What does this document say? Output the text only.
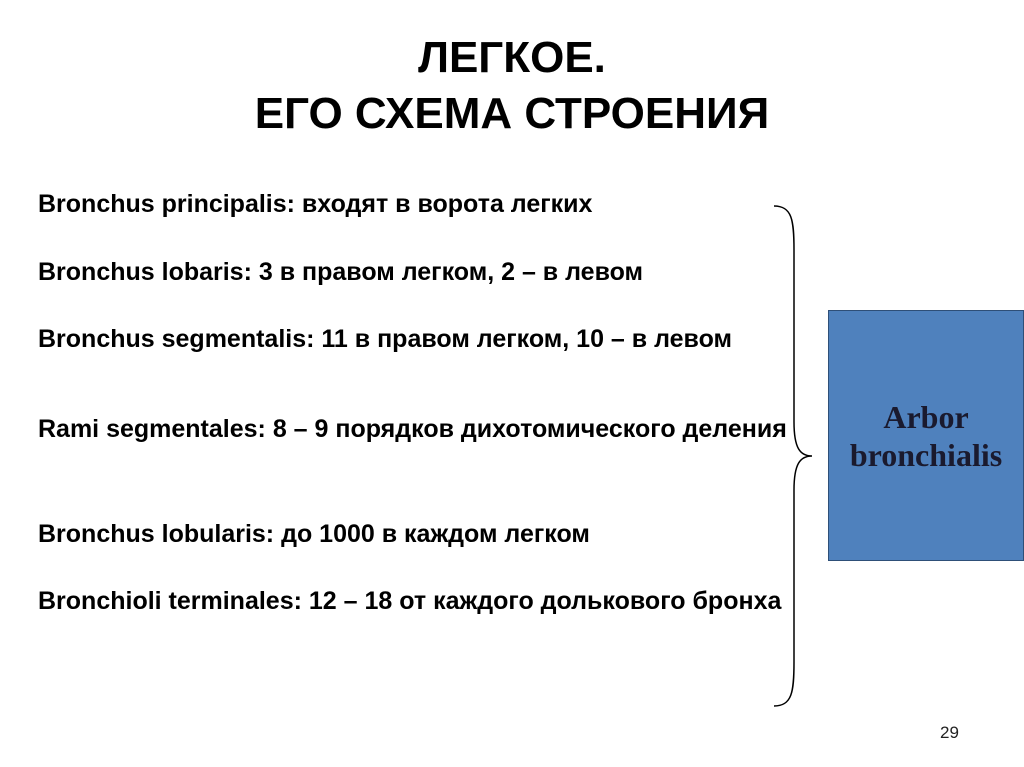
ЛЕГКОЕ.
ЕГО СХЕМА СТРОЕНИЯ
Bronchus principalis: входят в ворота легких
Bronchus lobaris: 3 в правом легком, 2 – в левом
Bronchus segmentalis: 11 в правом легком, 10 – в левом
Rami segmentales: 8 – 9 порядков дихотомического деления
Bronchus lobularis: до 1000 в каждом легком
Bronchioli terminales: 12 – 18 от каждого долькового бронха
Arbor
bronchialis
29
